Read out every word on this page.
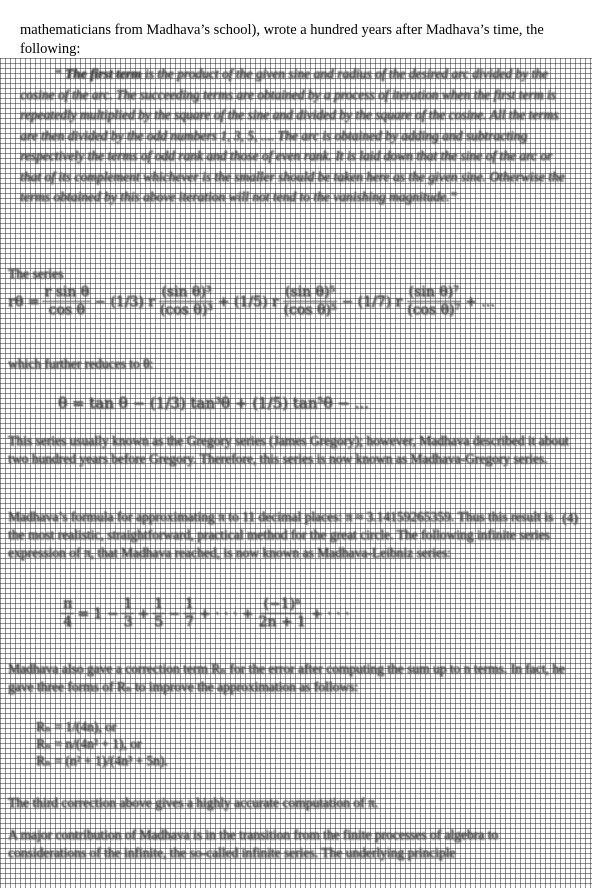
mathematicians from Madhava’s school), wrote a hundred years after Madhava’s time, the following:

“ The first term is the product of the given sine and radius of the desired arc divided by the cosine of the arc. The succeeding terms are obtained by a process of iteration when the first term is repeatedly multiplied by the square of the sine and divided by the square of the cosine. All the terms are then divided by the odd numbers 1, 3, 5, .... The arc is obtained by adding and subtracting respectively the terms of odd rank and those of even rank. It is laid down that the sine of the arc or that of its complement whichever is the smaller should be taken here as the given sine. Otherwise the terms obtained by this above iteration will not tend to the vanishing magnitude.”
The series
$r\theta = \frac{\text{r sin θ}}{\text{cos θ}} - (1/3)$ r $\frac{\text{(sin θ)³}}{\text{(cos θ)³}} + (1/5)$ r $\frac{\text{(sin θ)⁵}}{\text{(cos θ)⁵}} - (1/7)$ r $\frac{\text{(sin θ)⁷}}{\text{(cos θ)⁷}}$ + ...
which further reduces to θ:
θ = tan θ − (1/3) tan³θ + (1/5) tan⁵θ − ...
This series usually known as the Gregory series (James Gregory); however, Madhava described it about two hundred years before Gregory. Therefore, this series is now known as Madhava-Gregory series.
Madhava’s formula for approximating π to 11 decimal places: π ≈ 3.14159265359. Thus this result is the most realistic, straightforward, practical method for the great circle. The following infinite series expression of π, that Madhava reached, is now known as Madhava-Leibniz series:
(4)
$\frac{\pi}{4} = 1 - \frac{1}{3} + \frac{1}{5} - \frac{1}{7}$ + · · · + $\frac{\text{(−1)ⁿ}}{2n + 1}$ + · · ·
Madhava also gave a correction term Rₙ for the error after computing the sum up to n terms. In fact, he gave three forms of Rₙ to improve the approximation as follows:
Rₙ = 1/(4n), or
Rₙ = n/(4n² + 1), or
Rₙ = (n² + 1)/(4n³ + 5n).
The third correction above gives a highly accurate computation of π.
A major contribution of Madhava is in the transition from the finite processes of algebra to considerations of the infinite, the so-called infinite series. The underlying principle
